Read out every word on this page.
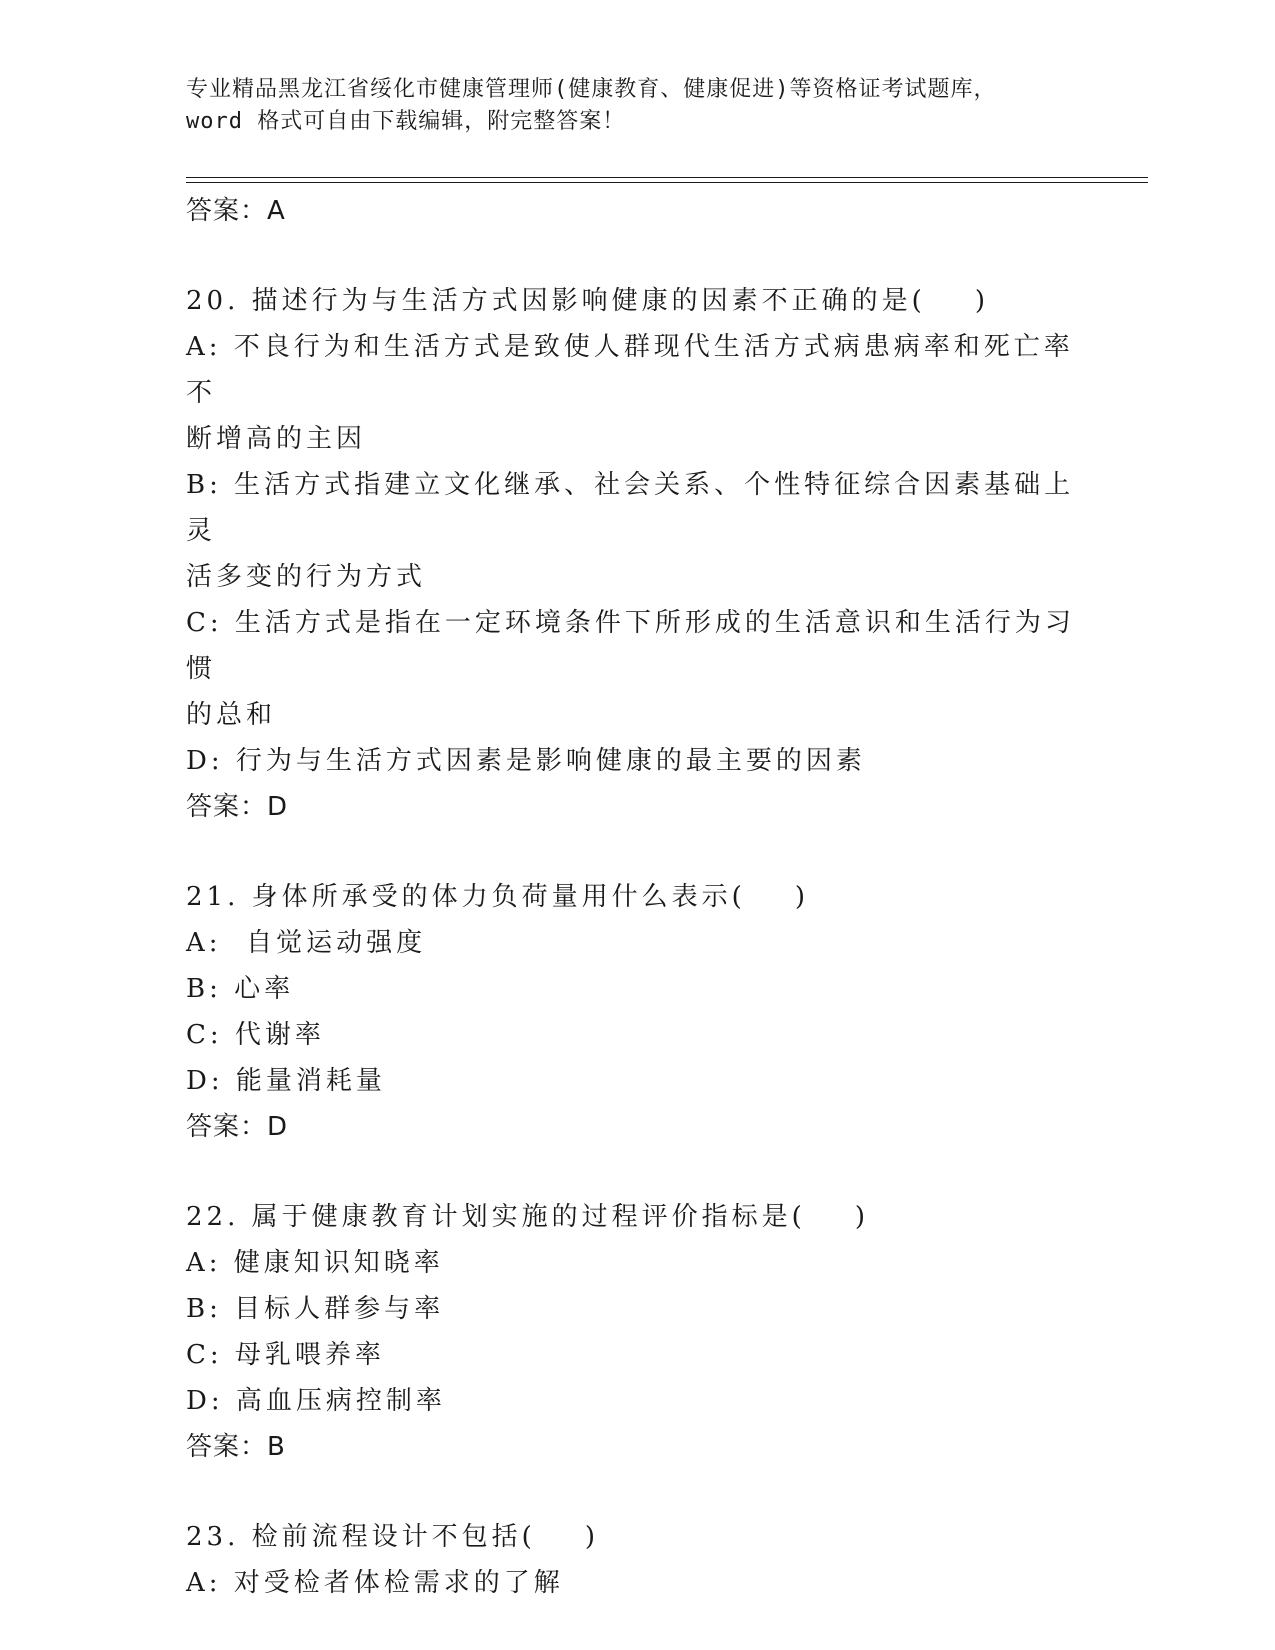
专业精品黑龙江省绥化市健康管理师(健康教育、健康促进)等资格证考试题库，
word 格式可自由下载编辑，附完整答案！

答案：A

20. 描述行为与生活方式因影响健康的因素不正确的是(    )

A: 不良行为和生活方式是致使人群现代生活方式病患病率和死亡率不

断增高的主因

B: 生活方式指建立文化继承、社会关系、个性特征综合因素基础上灵

活多变的行为方式

C: 生活方式是指在一定环境条件下所形成的生活意识和生活行为习惯

的总和

D: 行为与生活方式因素是影响健康的最主要的因素

答案：D

21. 身体所承受的体力负荷量用什么表示(    )

A:  自觉运动强度

B: 心率

C: 代谢率

D: 能量消耗量

答案：D

22. 属于健康教育计划实施的过程评价指标是(    )

A: 健康知识知晓率

B: 目标人群参与率

C: 母乳喂养率

D: 高血压病控制率

答案：B

23. 检前流程设计不包括(    )

A: 对受检者体检需求的了解
